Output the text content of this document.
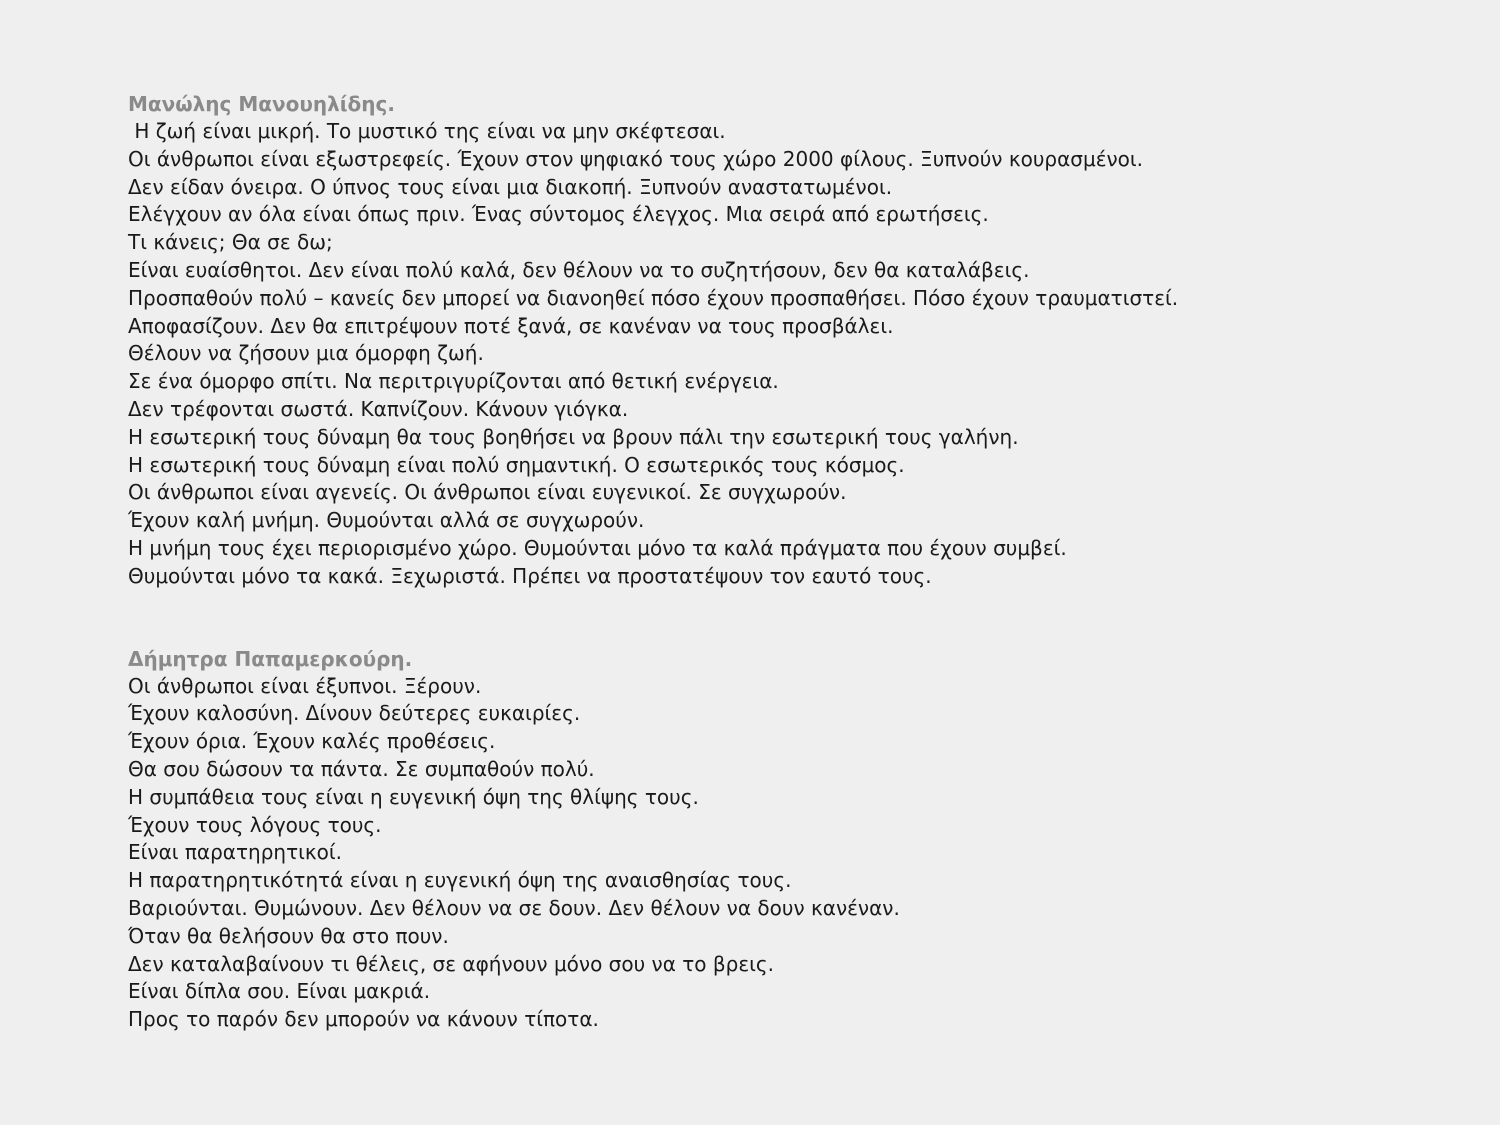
Μανώλης Μανουηλίδης.
Η ζωή είναι μικρή. Το μυστικό της είναι να μην σκέφτεσαι.
Οι άνθρωποι είναι εξωστρεφείς. Έχουν στον ψηφιακό τους χώρο 2000 φίλους. Ξυπνούν κουρασμένοι.
Δεν είδαν όνειρα. Ο ύπνος τους είναι μια διακοπή. Ξυπνούν αναστατωμένοι.
Ελέγχουν αν όλα είναι όπως πριν. Ένας σύντομος έλεγχος. Μια σειρά από ερωτήσεις.
Τι κάνεις; Θα σε δω;
Είναι ευαίσθητοι. Δεν είναι πολύ καλά, δεν θέλουν να το συζητήσουν, δεν θα καταλάβεις.
Προσπαθούν πολύ – κανείς δεν μπορεί να διανοηθεί πόσο έχουν προσπαθήσει. Πόσο έχουν τραυματιστεί.
Αποφασίζουν. Δεν θα επιτρέψουν ποτέ ξανά, σε κανέναν να τους προσβάλει.
Θέλουν να ζήσουν μια όμορφη ζωή.
Σε ένα όμορφο σπίτι. Να περιτριγυρίζονται από θετική ενέργεια.
Δεν τρέφονται σωστά. Καπνίζουν. Κάνουν γιόγκα.
Η εσωτερική τους δύναμη θα τους βοηθήσει να βρουν πάλι την εσωτερική τους γαλήνη.
Η εσωτερική τους δύναμη είναι πολύ σημαντική. Ο εσωτερικός τους κόσμος.
Οι άνθρωποι είναι αγενείς. Οι άνθρωποι είναι ευγενικοί. Σε συγχωρούν.
Έχουν καλή μνήμη. Θυμούνται αλλά σε συγχωρούν.
Η μνήμη τους έχει περιορισμένο χώρο. Θυμούνται μόνο τα καλά πράγματα που έχουν συμβεί.
Θυμούνται μόνο τα κακά. Ξεχωριστά. Πρέπει να προστατέψουν τον εαυτό τους.
Δήμητρα Παπαμερκούρη.
Οι άνθρωποι είναι έξυπνοι. Ξέρουν.
Έχουν καλοσύνη. Δίνουν δεύτερες ευκαιρίες.
Έχουν όρια. Έχουν καλές προθέσεις.
Θα σου δώσουν τα πάντα. Σε συμπαθούν πολύ.
Η συμπάθεια τους είναι η ευγενική όψη της θλίψης τους.
Έχουν τους λόγους τους.
Είναι παρατηρητικοί.
Η παρατηρητικότητά είναι η ευγενική όψη της αναισθησίας τους.
Βαριούνται. Θυμώνουν. Δεν θέλουν να σε δουν. Δεν θέλουν να δουν κανέναν.
Όταν θα θελήσουν θα στο πουν.
Δεν καταλαβαίνουν τι θέλεις, σε αφήνουν μόνο σου να το βρεις.
Είναι δίπλα σου. Είναι μακριά.
Προς το παρόν δεν μπορούν να κάνουν τίποτα.
